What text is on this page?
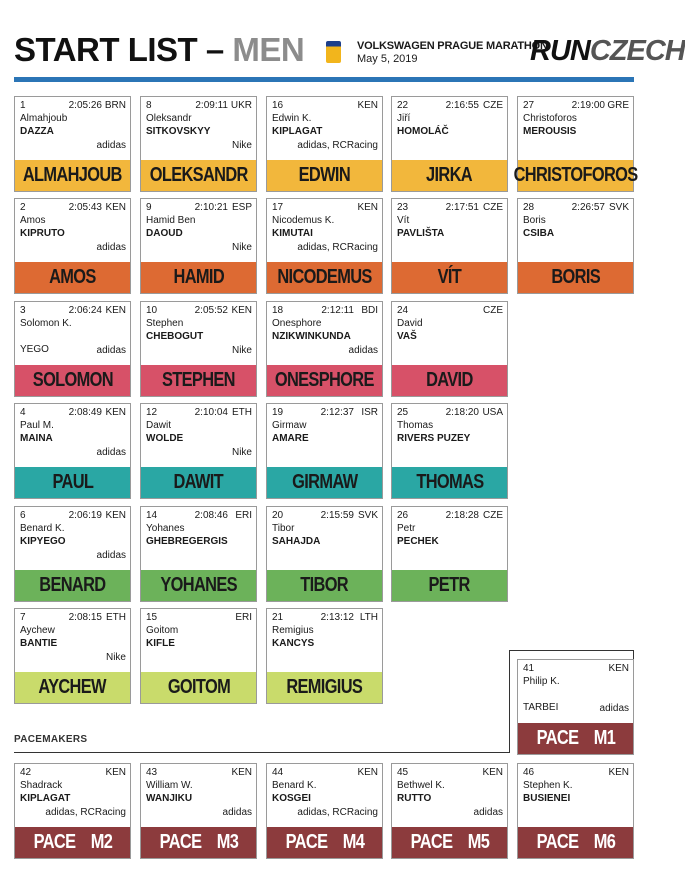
START LIST – MEN	VOLKSWAGEN PRAGUE MARATHON
May 5, 2019	RUNCZECH
1	2:05:26 BRN
Almahjoub
DAZZA
adidas
ALMAHJOUB
8	2:09:11 UKR
Oleksandr
SITKOVSKYY
Nike
OLEKSANDR
16	KEN
Edwin K.
KIPLAGAT
adidas, RCRacing
EDWIN
22	2:16:55 CZE
Jiří
HOMOLÁČ
JIRKA
27	2:19:00 GRE
Christoforos
MEROUSIS
CHRISTOFOROS
2	2:05:43 KEN
Amos
KIPRUTO
adidas
AMOS
9	2:10:21 ESP
Hamid Ben
DAOUD
Nike
HAMID
17	KEN
Nicodemus K.
KIMUTAI
adidas, RCRacing
NICODEMUS
23	2:17:51 CZE
Vít
PAVLIŠTA
VÍT
28	2:26:57 SVK
Boris
CSIBA
BORIS
3	2:06:24 KEN
Solomon K.
YEGO	adidas
SOLOMON
10	2:05:52 KEN
Stephen
CHEBOGUT
Nike
STEPHEN
18	2:12:11 BDI
Onesphore
NZIKWINKUNDA
adidas
ONESPHORE
24	CZE
David
VAŠ
DAVID
4	2:08:49 KEN
Paul M.
MAINA
adidas
PAUL
12	2:10:04 ETH
Dawit
WOLDE
Nike
DAWIT
19	2:12:37 ISR
Girmaw
AMARE
GIRMAW
25	2:18:20 USA
Thomas
RIVERS PUZEY
THOMAS
6	2:06:19 KEN
Benard K.
KIPYEGO
adidas
BENARD
14	2:08:46 ERI
Yohanes
GHEBREGERGIS
YOHANES
20	2:15:59 SVK
Tibor
SAHAJDA
TIBOR
26	2:18:28 CZE
Petr
PECHEK
PETR
7	2:08:15 ETH
Aychew
BANTIE
Nike
AYCHEW
15	ERI
Goitom
KIFLE
GOITOM
21	2:13:12 LTH
Remigius
KANCYS
REMIGIUS
PACEMAKERS
41	KEN
Philip K.
TARBEI	adidas
PACE M1
42	KEN
Shadrack
KIPLAGAT
adidas, RCRacing
PACE M2
43	KEN
William W.
WANJIKU
adidas
PACE M3
44	KEN
Benard K.
KOSGEI
adidas, RCRacing
PACE M4
45	KEN
Bethwel K.
RUTTO
adidas
PACE M5
46	KEN
Stephen K.
BUSIENEI
PACE M6
